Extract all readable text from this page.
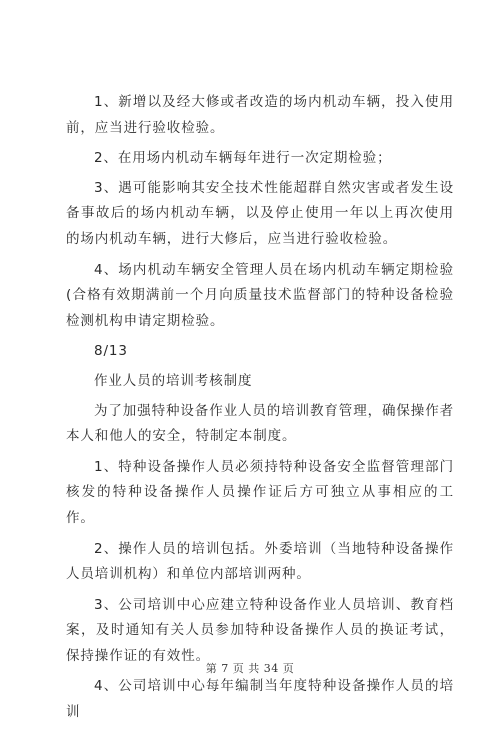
1、新增以及经大修或者改造的场内机动车辆，投入使用前，应当进行验收检验。

2、在用场内机动车辆每年进行一次定期检验；

3、遇可能影响其安全技术性能超群自然灾害或者发生设备事故后的场内机动车辆，以及停止使用一年以上再次使用的场内机动车辆，进行大修后，应当进行验收检验。

4、场内机动车辆安全管理人员在场内机动车辆定期检验(合格有效期满前一个月向质量技术监督部门的特种设备检验检测机构申请定期检验。

8/13

作业人员的培训考核制度

为了加强特种设备作业人员的培训教育管理，确保操作者本人和他人的安全，特制定本制度。

1、特种设备操作人员必须持特种设备安全监督管理部门核发的特种设备操作人员操作证后方可独立从事相应的工作。

2、操作人员的培训包括。外委培训（当地特种设备操作人员培训机构）和单位内部培训两种。

3、公司培训中心应建立特种设备作业人员培训、教育档案，及时通知有关人员参加特种设备操作人员的换证考试，保持操作证的有效性。

4、公司培训中心每年编制当年度特种设备操作人员的培训

第 7 页 共 34 页
